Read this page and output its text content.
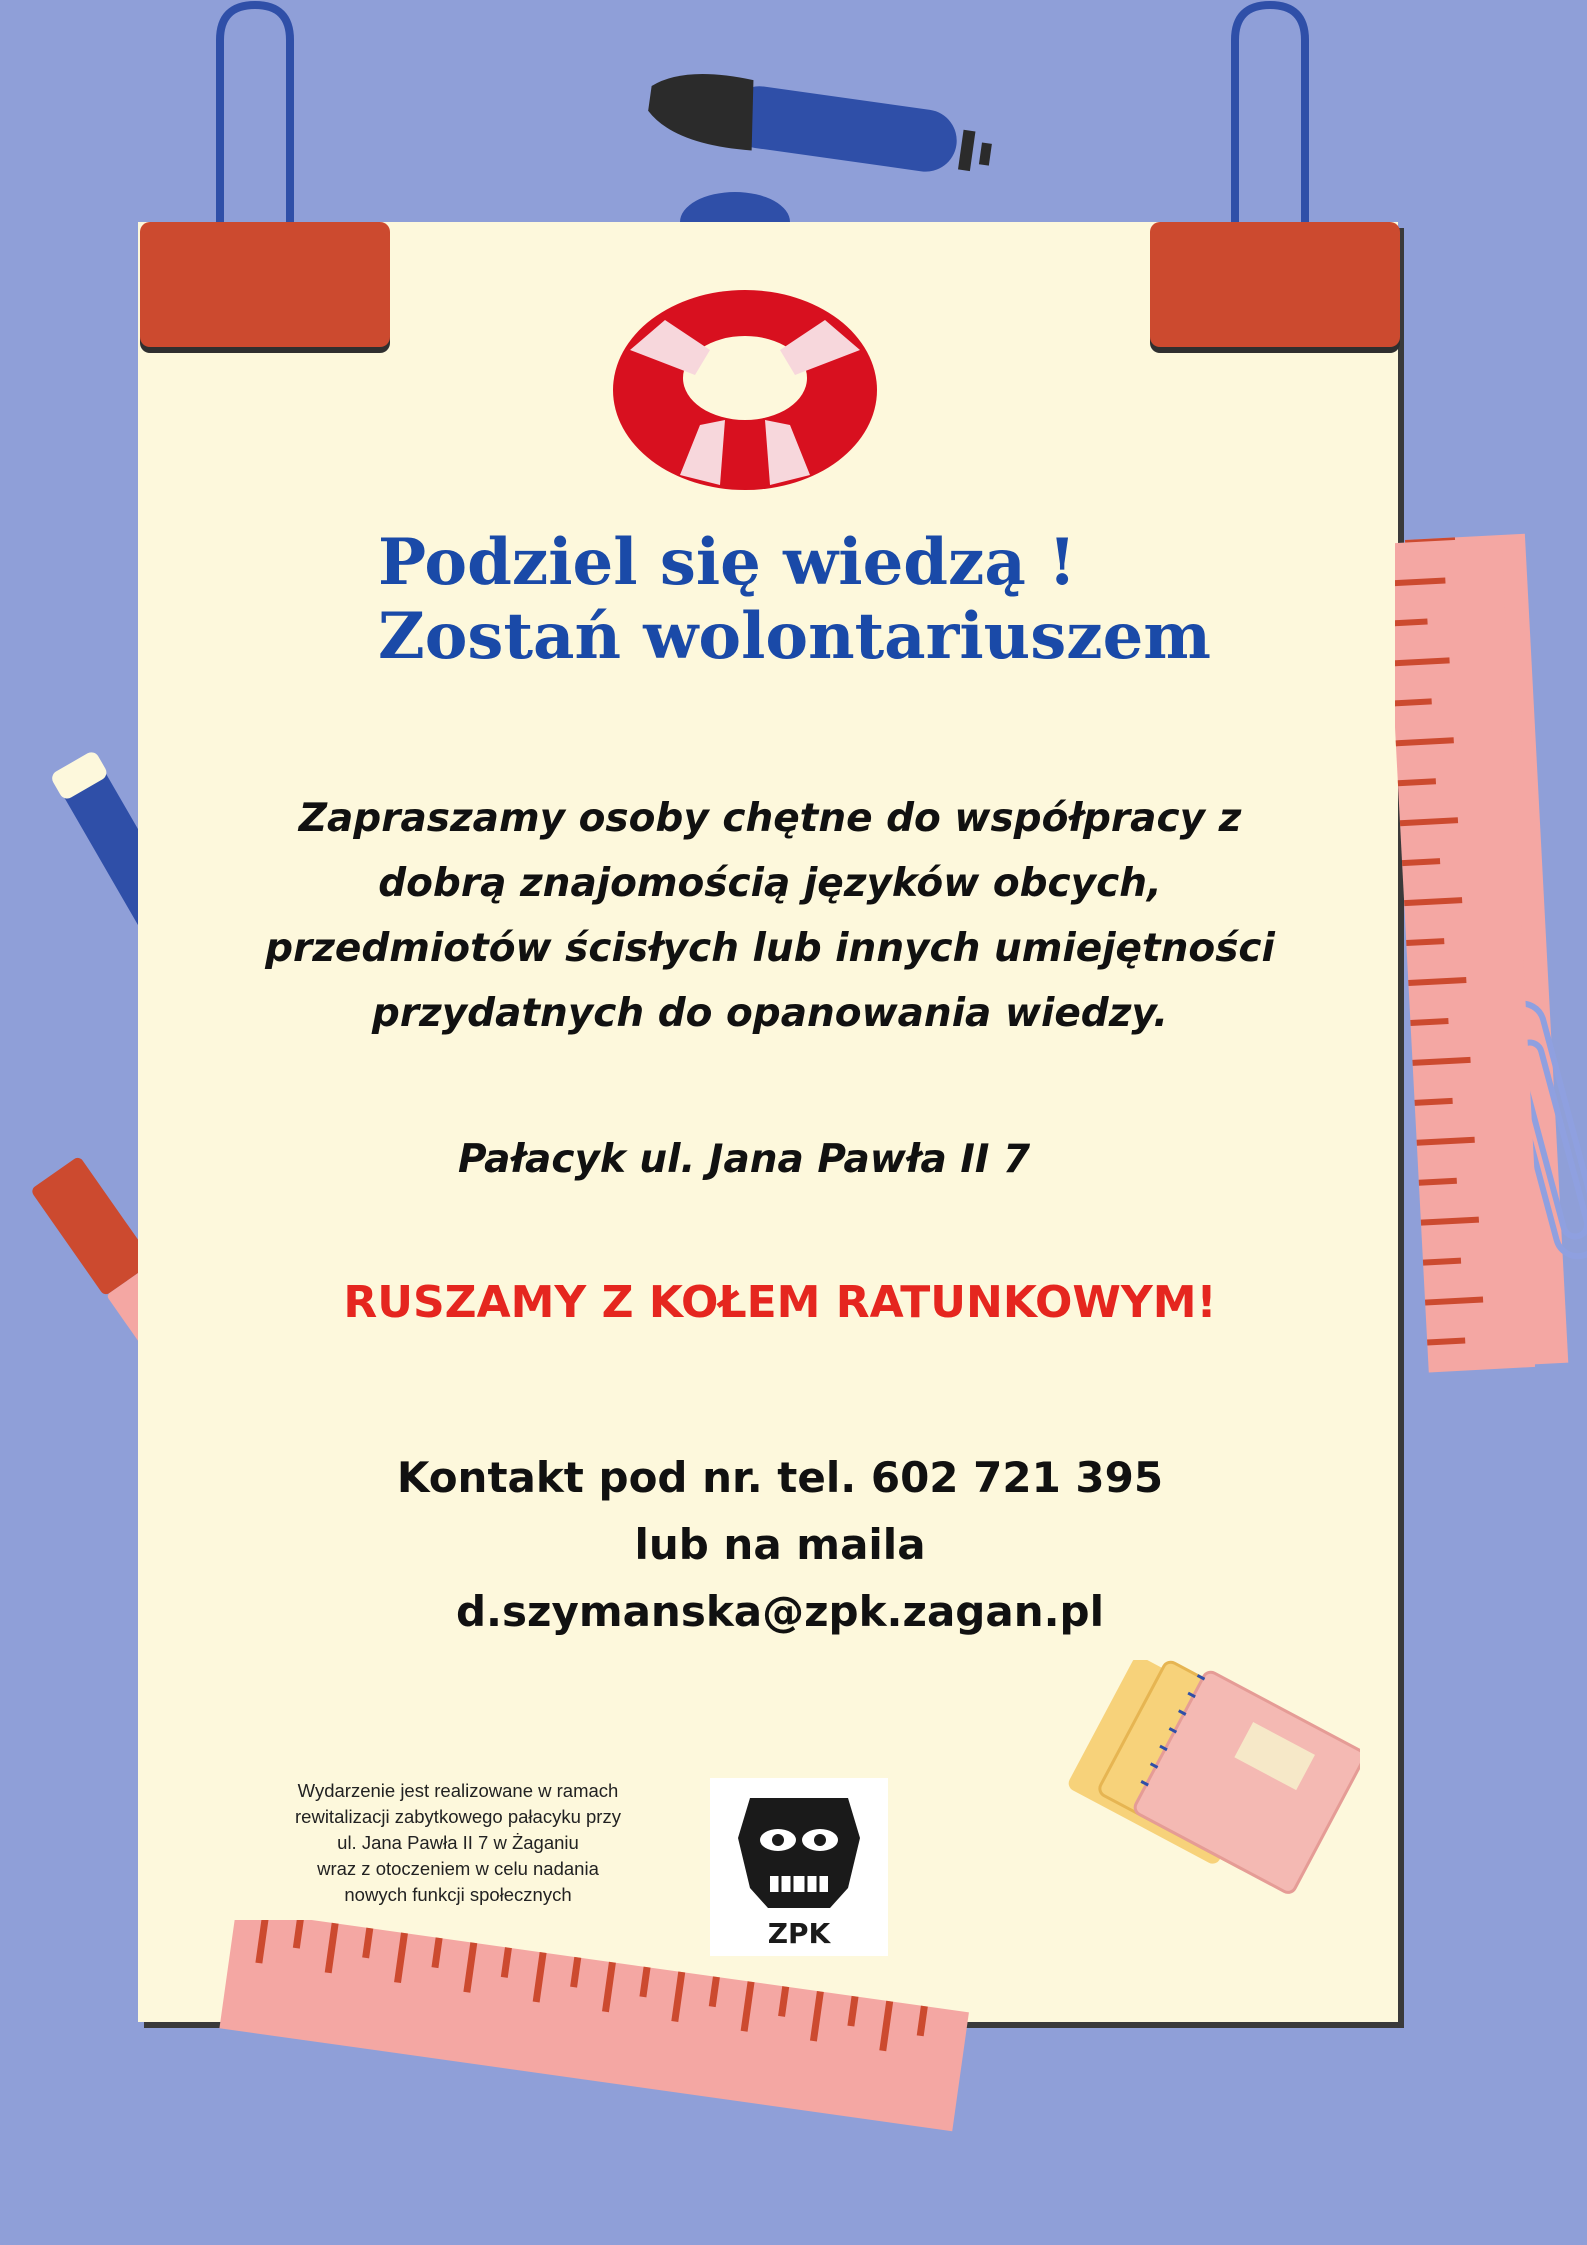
Podziel się wiedzą !
Zostań wolontariuszem
Zapraszamy osoby chętne do współpracy z
dobrą znajomością języków obcych,
przedmiotów ścisłych lub innych umiejętności
przydatnych do opanowania wiedzy.
Pałacyk ul. Jana Pawła II 7
RUSZAMY Z KOŁEM RATUNKOWYM!
Kontakt pod nr. tel. 602 721 395
lub na maila
d.szymanska@zpk.zagan.pl
Wydarzenie jest realizowane w ramach
rewitalizacji zabytkowego pałacyku przy
ul. Jana Pawła II 7 w Żaganiu
wraz z otoczeniem w celu nadania
nowych funkcji społecznych
ZPK
